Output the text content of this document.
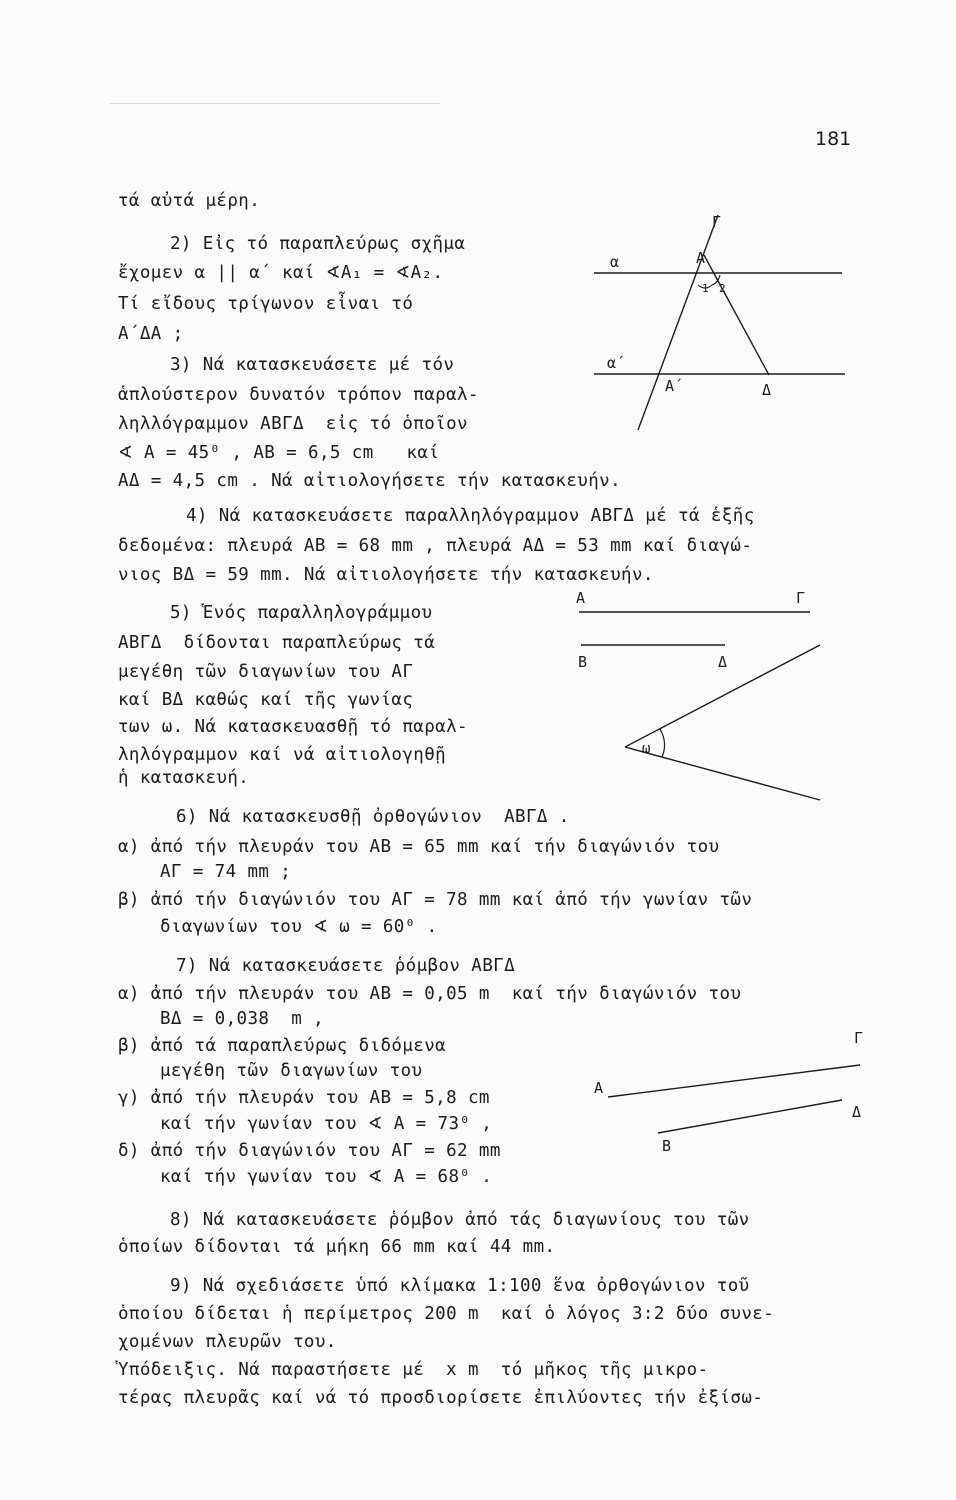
181
τά αὐτά μέρη.
2) Εἰς τό παραπλεύρως σχῆμα
ἔχομεν α || α΄ καί ∢Α₁ = ∢Α₂.
Τί εἴδους τρίγωνον εἶναι τό
Α΄ΔΑ ;
3) Νά κατασκευάσετε μέ τόν
ἁπλούστερον δυνατόν τρόπον παραλ-
ληλλόγραμμον ΑΒΓΔ  εἰς τό ὁποῖον
∢ Α = 45⁰ , ΑΒ = 6,5 cm   καί
ΑΔ = 4,5 cm . Νά αἰτιολογήσετε τήν κατασκευήν.
4) Νά κατασκευάσετε παραλληλόγραμμον ΑΒΓΔ μέ τά ἑξῆς
δεδομένα: πλευρά ΑΒ = 68 mm , πλευρά ΑΔ = 53 mm καί διαγώ-
νιος ΒΔ = 59 mm. Νά αἰτιολογήσετε τήν κατασκευήν.
5) Ἑνός παραλληλογράμμου
ΑΒΓΔ  δίδονται παραπλεύρως τά
μεγέθη τῶν διαγωνίων του ΑΓ
καί ΒΔ καθώς καί τῆς γωνίας
των ω. Νά κατασκευασθῇ τό παραλ-
ληλόγραμμον καί νά αἰτιολογηθῇ
ἡ κατασκευή.
6) Νά κατασκευσθῇ ὀρθογώνιον  ΑΒΓΔ .
α) ἀπό τήν πλευράν του ΑΒ = 65 mm καί τήν διαγώνιόν του
ΑΓ = 74 mm ;
β) ἀπό τήν διαγώνιόν του ΑΓ = 78 mm καί ἀπό τήν γωνίαν τῶν
διαγωνίων του ∢ ω = 60⁰ .
7) Νά κατασκευάσετε ῥόμβον ΑΒΓΔ
α) ἀπό τήν πλευράν του ΑΒ = 0,05 m  καί τήν διαγώνιόν του
ΒΔ = 0,038  m ,
β) ἀπό τά παραπλεύρως διδόμενα
μεγέθη τῶν διαγωνίων του
γ) ἀπό τήν πλευράν του ΑΒ = 5,8 cm
καί τήν γωνίαν του ∢ Α = 73⁰ ,
δ) ἀπό τήν διαγώνιόν του ΑΓ = 62 mm
καί τήν γωνίαν του ∢ Α = 68⁰ .
8) Νά κατασκευάσετε ῥόμβον ἀπό τάς διαγωνίους του τῶν
ὁποίων δίδονται τά μήκη 66 mm καί 44 mm.
9) Νά σχεδιάσετε ὑπό κλίμακα 1:100 ἕνα ὀρθογώνιον τοῦ
ὁποίου δίδεται ἡ περίμετρος 200 m  καί ὁ λόγος 3:2 δύο συνε-
χομένων πλευρῶν του.
Ὑπόδειξις. Νά παραστήσετε μέ  x m  τό μῆκος τῆς μικρο-
τέρας πλευρᾶς καί νά τό προσδιορίσετε ἐπιλύοντες τήν ἐξίσω-
Γ
Α
α
1 2
α΄
Α΄	Δ
Α	Γ
Β	Δ
ω
Γ
Α
Δ
Β
